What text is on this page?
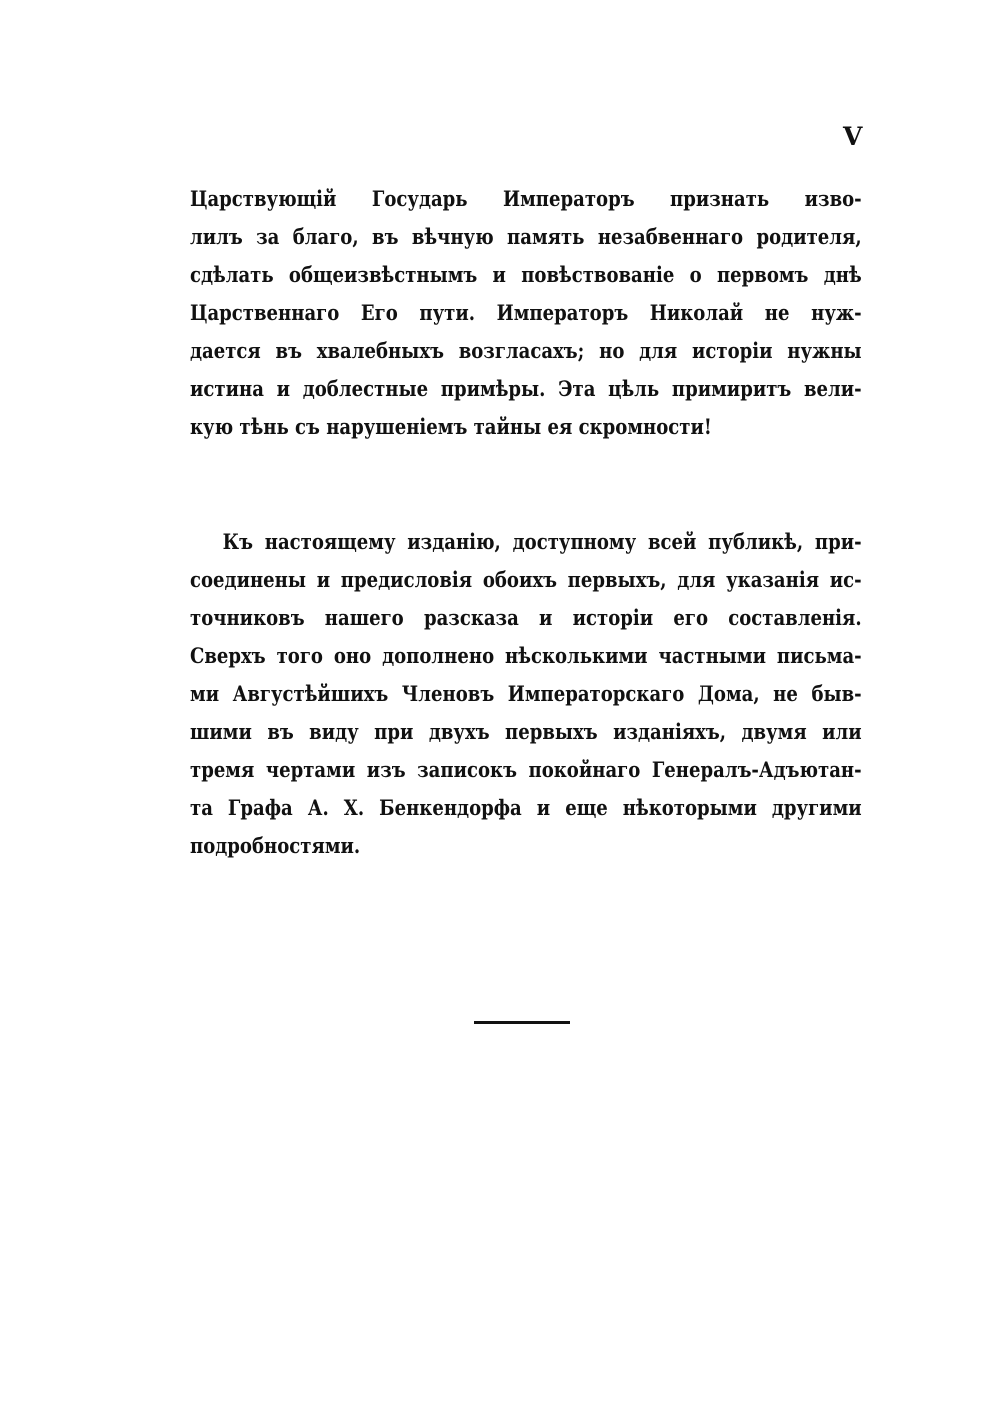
V
Царствующій Государь Императоръ признать изво-
лилъ за благо, въ вѣчную память незабвеннаго родителя,
сдѣлать общеизвѣстнымъ и повѣствованіе о первомъ днѣ
Царственнаго Его пути. Императоръ Николай не нуж-
дается въ хвалебныхъ возгласахъ; но для исторіи нужны
истина и доблестные примѣры. Эта цѣль примиритъ вели-
кую тѣнь съ нарушеніемъ тайны ея скромности!
Къ настоящему изданію, доступному всей публикѣ, при-
соединены и предисловія обоихъ первыхъ, для указанія ис-
точниковъ нашего разсказа и исторіи его составленія.
Сверхъ того оно дополнено нѣсколькими частными письма-
ми Августѣйшихъ Членовъ Императорскаго Дома, не быв-
шими въ виду при двухъ первыхъ изданіяхъ, двумя или
тремя чертами изъ записокъ покойнаго Генералъ-Адъютан-
та Графа А. Х. Бенкендорфа и еще нѣкоторыми другими
подробностями.
